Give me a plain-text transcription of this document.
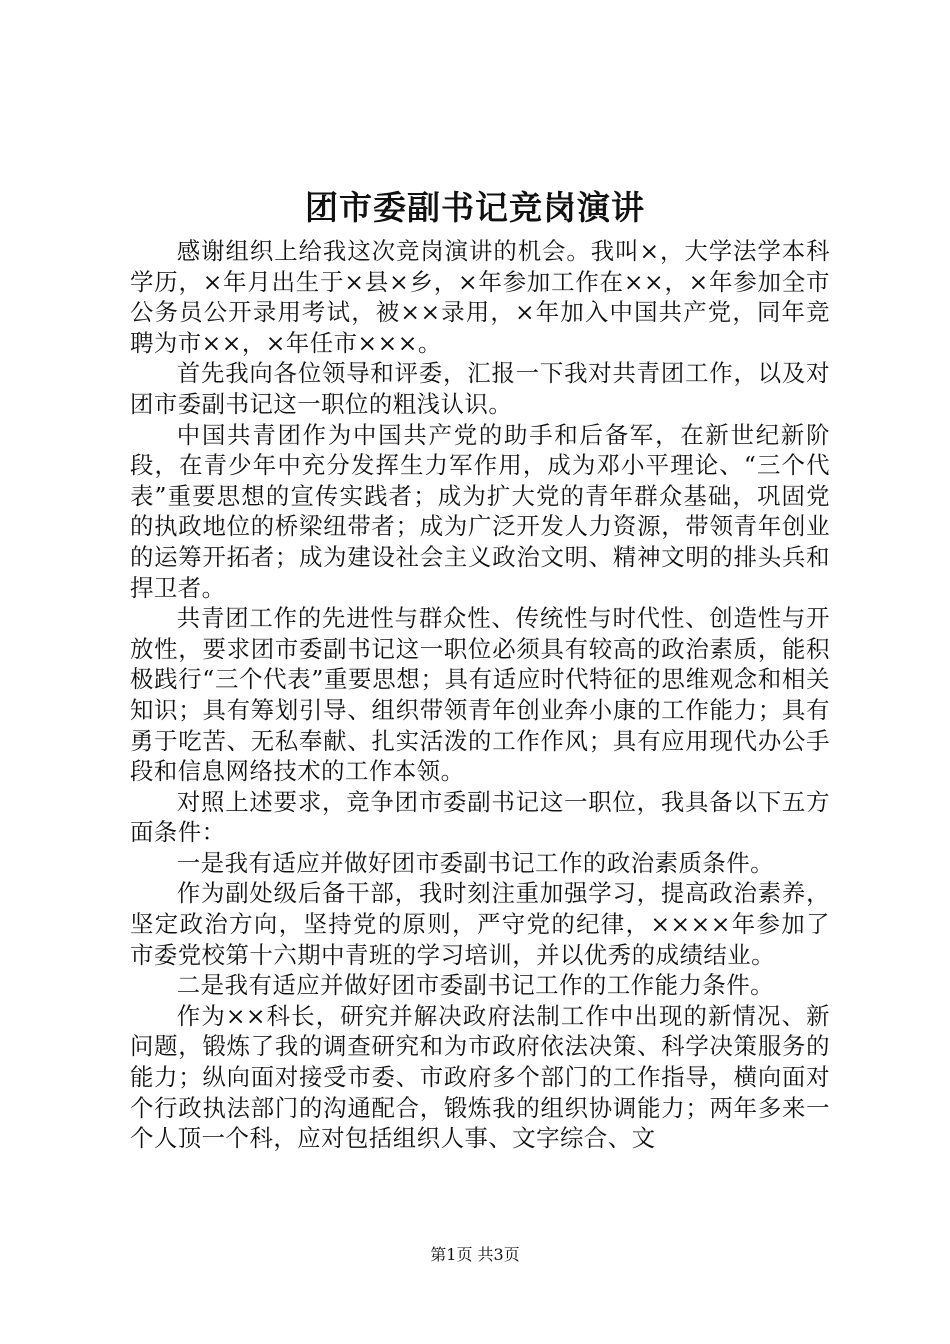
团市委副书记竞岗演讲

感谢组织上给我这次竞岗演讲的机会。我叫×，大学法学本科学历，×年月出生于×县×乡，×年参加工作在××，×年参加全市公务员公开录用考试，被××录用，×年加入中国共产党，同年竞聘为市××，×年任市×××。

首先我向各位领导和评委，汇报一下我对共青团工作，以及对团市委副书记这一职位的粗浅认识。

中国共青团作为中国共产党的助手和后备军，在新世纪新阶段，在青少年中充分发挥生力军作用，成为邓小平理论、“三个代表”重要思想的宣传实践者；成为扩大党的青年群众基础，巩固党的执政地位的桥梁纽带者；成为广泛开发人力资源，带领青年创业的运筹开拓者；成为建设社会主义政治文明、精神文明的排头兵和捍卫者。

共青团工作的先进性与群众性、传统性与时代性、创造性与开放性，要求团市委副书记这一职位必须具有较高的政治素质，能积极践行“三个代表”重要思想；具有适应时代特征的思维观念和相关知识；具有筹划引导、组织带领青年创业奔小康的工作能力；具有勇于吃苦、无私奉献、扎实活泼的工作作风；具有应用现代办公手段和信息网络技术的工作本领。

对照上述要求，竞争团市委副书记这一职位，我具备以下五方面条件：

一是我有适应并做好团市委副书记工作的政治素质条件。

作为副处级后备干部，我时刻注重加强学习，提高政治素养，坚定政治方向，坚持党的原则，严守党的纪律，××××年参加了市委党校第十六期中青班的学习培训，并以优秀的成绩结业。

二是我有适应并做好团市委副书记工作的工作能力条件。

作为××科长，研究并解决政府法制工作中出现的新情况、新问题，锻炼了我的调查研究和为市政府依法决策、科学决策服务的能力；纵向面对接受市委、市政府多个部门的工作指导，横向面对个行政执法部门的沟通配合，锻炼我的组织协调能力；两年多来一个人顶一个科，应对包括组织人事、文字综合、文

第1页 共3页
